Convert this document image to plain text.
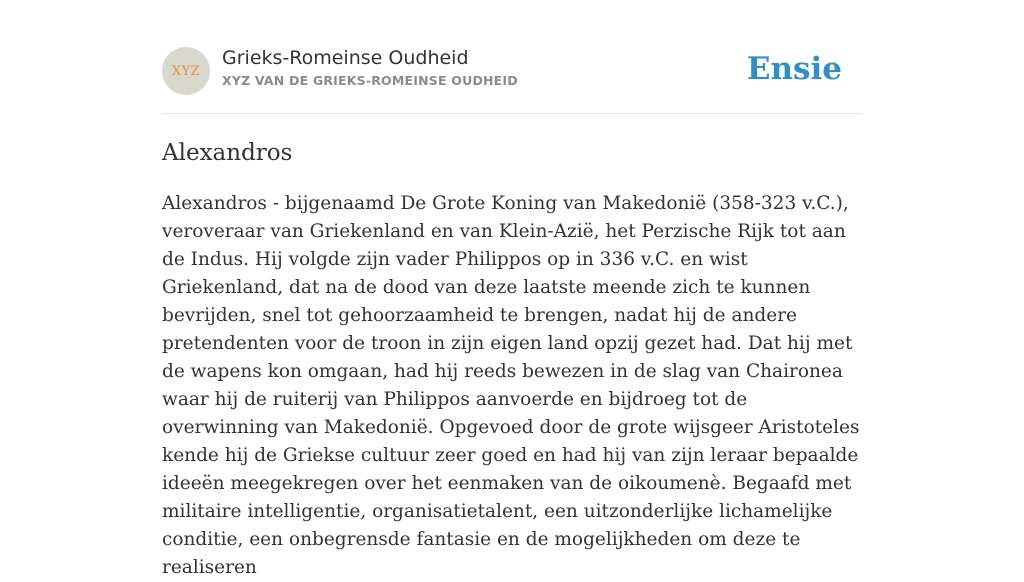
XYZ
Grieks-Romeinse Oudheid
XYZ VAN DE GRIEKS-ROMEINSE OUDHEID	Ensie
Alexandros

Alexandros - bijgenaamd De Grote Koning van Makedonië (358-323 v.C.), veroveraar van Griekenland en van Klein-Azië, het Perzische Rijk tot aan de Indus. Hij volgde zijn vader Philippos op in 336 v.C. en wist Griekenland, dat na de dood van deze laatste meende zich te kunnen bevrijden, snel tot gehoorzaamheid te brengen, nadat hij de andere pretendenten voor de troon in zijn eigen land opzij gezet had. Dat hij met de wapens kon omgaan, had hij reeds bewezen in de slag van Chaironea waar hij de ruiterij van Philippos aanvoerde en bijdroeg tot de overwinning van Makedonië. Opgevoed door de grote wijsgeer Aristoteles kende hij de Griekse cultuur zeer goed en had hij van zijn leraar bepaalde ideeën meegekregen over het eenmaken van de oikoumenè. Begaafd met militaire intelligentie, organisatietalent, een uitzonderlijke lichamelijke conditie, een onbegrensde fantasie en de mogelijkheden om deze te realiseren
